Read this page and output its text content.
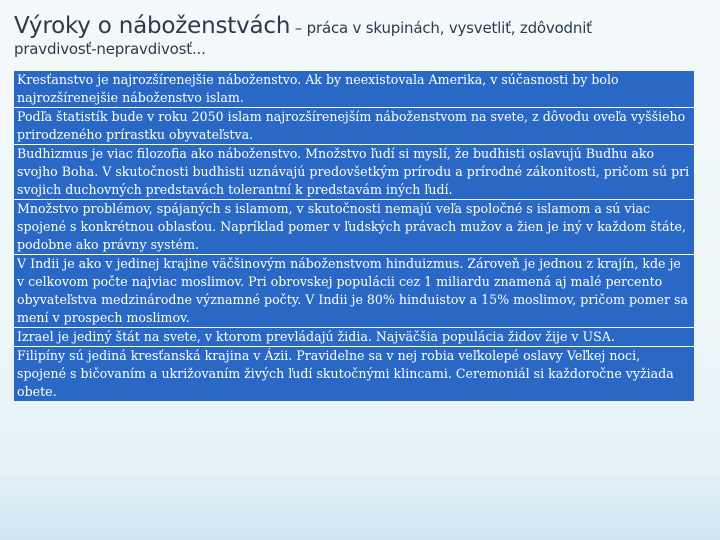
Výroky o náboženstvách – práca v skupinách, vysvetliť, zdôvodniť
pravdivosť-nepravdivosť...
Kresťanstvo je najrozšírenejšie náboženstvo. Ak by neexistovala Amerika, v súčasnosti by bolo najrozšírenejšie náboženstvo islam.
Podľa štatistík bude v roku 2050 islam najrozšírenejším náboženstvom na svete, z dôvodu oveľa vyššieho prirodzeného prírastku obyvateľstva.
Budhizmus je viac filozofia ako náboženstvo. Množstvo ľudí si myslí, že budhisti oslavujú Budhu ako svojho Boha. V skutočnosti budhisti uznávajú predovšetkým prírodu a prírodné zákonitosti, pričom sú pri svojich duchovných predstavách tolerantní k predstavám iných ľudí.
Množstvo problémov, spájaných s islamom, v skutočnosti nemajú veľa spoločné s islamom a sú viac spojené s konkrétnou oblasťou. Napríklad pomer v ľudských právach mužov a žien je iný v každom štáte, podobne ako právny systém.
V Indii je ako v jedinej krajine väčšinovým náboženstvom hinduizmus. Zároveň je jednou z krajín, kde je v celkovom počte najviac moslimov. Pri obrovskej populácii cez 1 miliardu znamená aj malé percento obyvateľstva medzinárodne významné počty. V Indii je 80% hinduistov a 15% moslimov, pričom pomer sa mení v prospech moslimov.
Izrael je jediný štát na svete, v ktorom prevládajú židia. Najväčšia populácia židov žije v USA.
Filipíny sú jediná kresťanská krajina v Ázii. Pravidelne sa v nej robia veľkolepé oslavy Veľkej noci, spojené s bičovaním a ukrižovaním živých ľudí skutočnými klincami. Ceremoniál si každoročne vyžiada obete.
